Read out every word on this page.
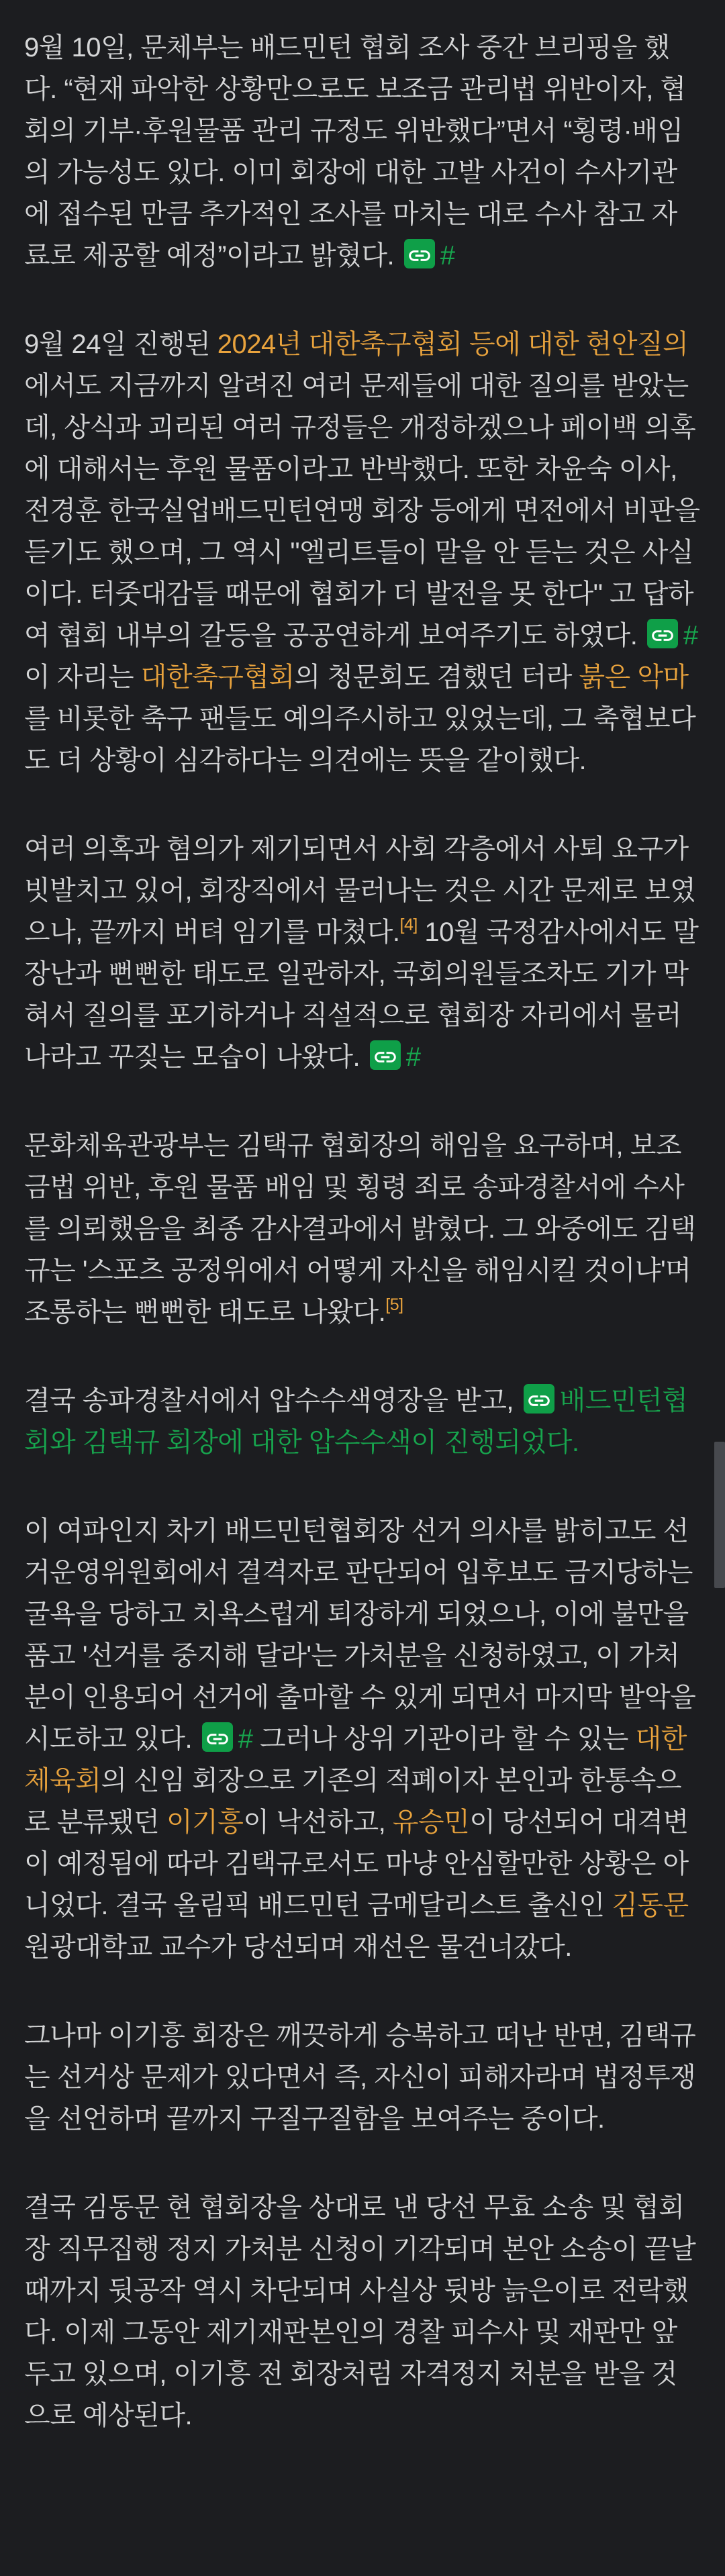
9월 10일, 문체부는 배드민턴 협회 조사 중간 브리핑을 했다. “현재 파악한 상황만으로도 보조금 관리법 위반이자, 협회의 기부·후원물품 관리 규정도 위반했다”면서 “횡령·배임의 가능성도 있다. 이미 회장에 대한 고발 사건이 수사기관에 접수된 만큼 추가적인 조사를 마치는 대로 수사 참고 자료로 제공할 예정”이라고 밝혔다. #

9월 24일 진행된 2024년 대한축구협회 등에 대한 현안질의에서도 지금까지 알려진 여러 문제들에 대한 질의를 받았는데, 상식과 괴리된 여러 규정들은 개정하겠으나 페이백 의혹에 대해서는 후원 물품이라고 반박했다. 또한 차윤숙 이사, 전경훈 한국실업배드민턴연맹 회장 등에게 면전에서 비판을 듣기도 했으며, 그 역시 "엘리트들이 말을 안 듣는 것은 사실이다. 터줏대감들 때문에 협회가 더 발전을 못 한다" 고 답하여 협회 내부의 갈등을 공공연하게 보여주기도 하였다. # 이 자리는 대한축구협회의 청문회도 겸했던 터라 붉은 악마를 비롯한 축구 팬들도 예의주시하고 있었는데, 그 축협보다도 더 상황이 심각하다는 의견에는 뜻을 같이했다.

여러 의혹과 혐의가 제기되면서 사회 각층에서 사퇴 요구가 빗발치고 있어, 회장직에서 물러나는 것은 시간 문제로 보였으나, 끝까지 버텨 임기를 마쳤다.[4] 10월 국정감사에서도 말장난과 뻔뻔한 태도로 일관하자, 국회의원들조차도 기가 막혀서 질의를 포기하거나 직설적으로 협회장 자리에서 물러나라고 꾸짖는 모습이 나왔다. #

문화체육관광부는 김택규 협회장의 해임을 요구하며, 보조금법 위반, 후원 물품 배임 및 횡령 죄로 송파경찰서에 수사를 의뢰했음을 최종 감사결과에서 밝혔다. 그 와중에도 김택규는 '스포츠 공정위에서 어떻게 자신을 해임시킬 것이냐'며 조롱하는 뻔뻔한 태도로 나왔다.[5]

결국 송파경찰서에서 압수수색영장을 받고, 배드민턴협회와 김택규 회장에 대한 압수수색이 진행되었다.

이 여파인지 차기 배드민턴협회장 선거 의사를 밝히고도 선거운영위원회에서 결격자로 판단되어 입후보도 금지당하는 굴욕을 당하고 치욕스럽게 퇴장하게 되었으나, 이에 불만을 품고 '선거를 중지해 달라'는 가처분을 신청하였고, 이 가처분이 인용되어 선거에 출마할 수 있게 되면서 마지막 발악을 시도하고 있다. # 그러나 상위 기관이라 할 수 있는 대한체육회의 신임 회장으로 기존의 적폐이자 본인과 한통속으로 분류됐던 이기흥이 낙선하고, 유승민이 당선되어 대격변이 예정됨에 따라 김택규로서도 마냥 안심할만한 상황은 아니었다. 결국 올림픽 배드민턴 금메달리스트 출신인 김동문 원광대학교 교수가 당선되며 재선은 물건너갔다.

그나마 이기흥 회장은 깨끗하게 승복하고 떠난 반면, 김택규는 선거상 문제가 있다면서 즉, 자신이 피해자라며 법정투쟁을 선언하며 끝까지 구질구질함을 보여주는 중이다.

결국 김동문 현 협회장을 상대로 낸 당선 무효 소송 및 협회장 직무집행 정지 가처분 신청이 기각되며 본안 소송이 끝날 때까지 뒷공작 역시 차단되며 사실상 뒷방 늙은이로 전락했다. 이제 그동안 제기재판본인의 경찰 피수사 및 재판만 앞두고 있으며, 이기흥 전 회장처럼 자격정지 처분을 받을 것으로 예상된다.
